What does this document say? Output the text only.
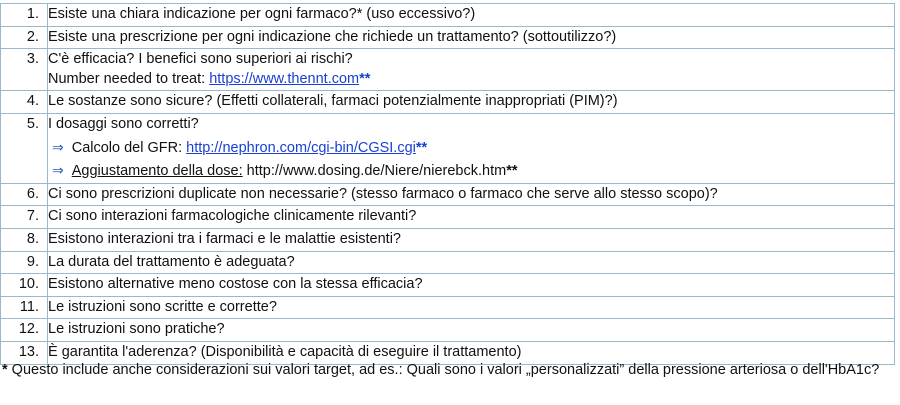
1.	Esiste una chiara indicazione per ogni farmaco?* (uso eccessivo?)
2.	Esiste una prescrizione per ogni indicazione che richiede un trattamento? (sottoutilizzo?)
3.	C'è efficacia? I benefici sono superiori ai rischi?
Number needed to treat: https://www.thennt.com**

4.	Le sostanze sono sicure? (Effetti collaterali, farmaci potenzialmente inappropriati (PIM)?)
5.	I dosaggi sono corretti?
⇒ Calcolo del GFR: http://nephron.com/cgi-bin/CGSI.cgi**
⇒ Aggiustamento della dose: http://www.dosing.de/Niere/nierebck.htm**

6.	Ci sono prescrizioni duplicate non necessarie? (stesso farmaco o farmaco che serve allo stesso scopo)?
7.	Ci sono interazioni farmacologiche clinicamente rilevanti?
8.	Esistono interazioni tra i farmaci e le malattie esistenti?
9.	La durata del trattamento è adeguata?
10.	Esistono alternative meno costose con la stessa efficacia?
11.	Le istruzioni sono scritte e corrette?
12.	Le istruzioni sono pratiche?
13.	È garantita l'aderenza? (Disponibilità e capacità di eseguire il trattamento)
* Questo include anche considerazioni sui valori target, ad es.: Quali sono i valori „personalizzati” della pressione arteriosa o dell'HbA1c?
